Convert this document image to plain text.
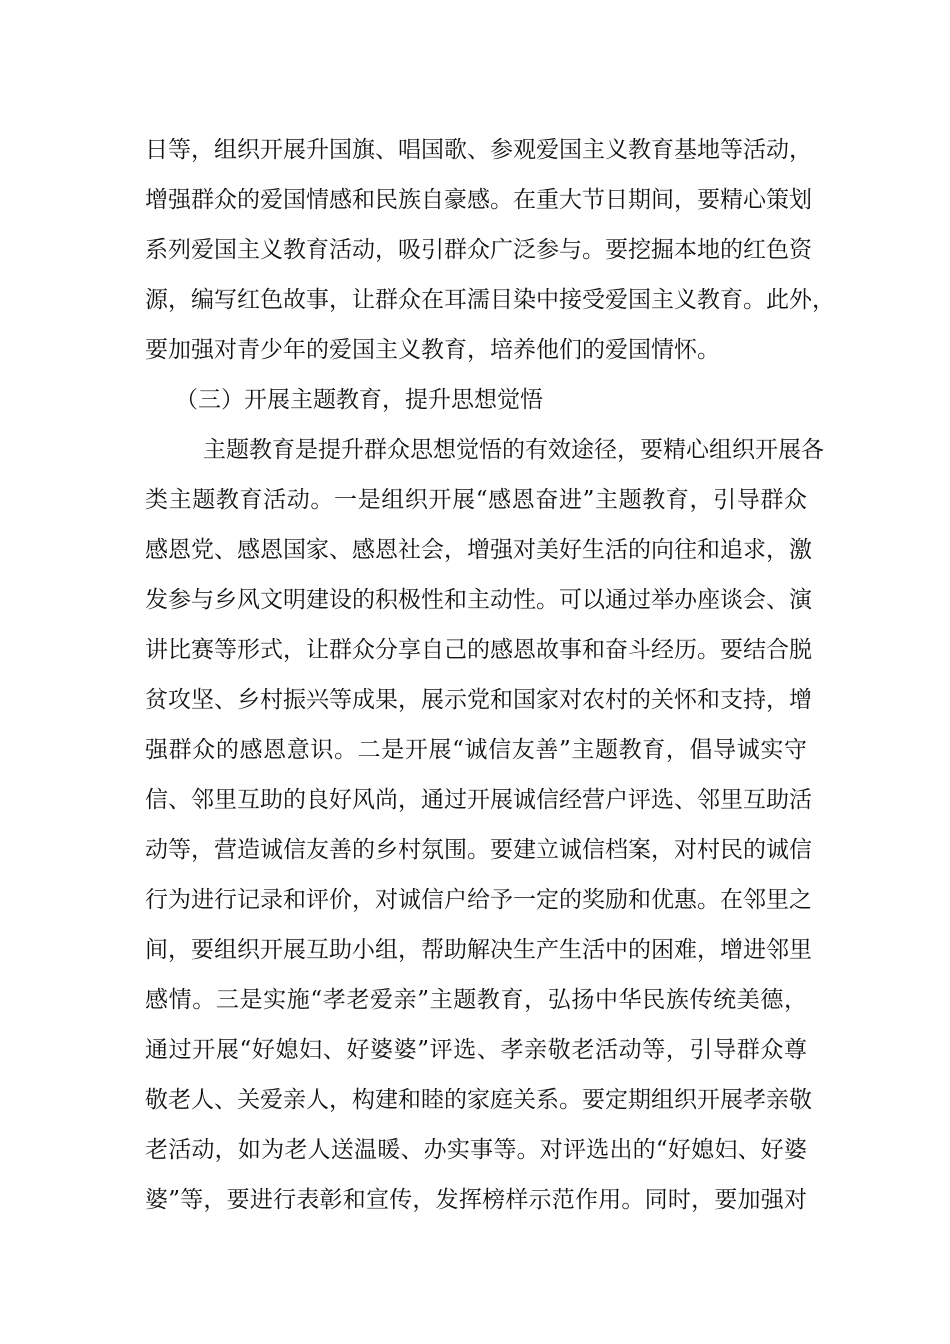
日等，组织开展升国旗、唱国歌、参观爱国主义教育基地等活动，
增强群众的爱国情感和民族自豪感。在重大节日期间，要精心策划
系列爱国主义教育活动，吸引群众广泛参与。要挖掘本地的红色资
源，编写红色故事，让群众在耳濡目染中接受爱国主义教育。此外，
要加强对青少年的爱国主义教育，培养他们的爱国情怀。
（三）开展主题教育，提升思想觉悟
主题教育是提升群众思想觉悟的有效途径，要精心组织开展各
类主题教育活动。一是组织开展“感恩奋进”主题教育，引导群众
感恩党、感恩国家、感恩社会，增强对美好生活的向往和追求，激
发参与乡风文明建设的积极性和主动性。可以通过举办座谈会、演
讲比赛等形式，让群众分享自己的感恩故事和奋斗经历。要结合脱
贫攻坚、乡村振兴等成果，展示党和国家对农村的关怀和支持，增
强群众的感恩意识。二是开展“诚信友善”主题教育，倡导诚实守
信、邻里互助的良好风尚，通过开展诚信经营户评选、邻里互助活
动等，营造诚信友善的乡村氛围。要建立诚信档案，对村民的诚信
行为进行记录和评价，对诚信户给予一定的奖励和优惠。在邻里之
间，要组织开展互助小组，帮助解决生产生活中的困难，增进邻里
感情。三是实施“孝老爱亲”主题教育，弘扬中华民族传统美德，
通过开展“好媳妇、好婆婆”评选、孝亲敬老活动等，引导群众尊
敬老人、关爱亲人，构建和睦的家庭关系。要定期组织开展孝亲敬
老活动，如为老人送温暖、办实事等。对评选出的“好媳妇、好婆
婆”等，要进行表彰和宣传，发挥榜样示范作用。同时，要加强对
